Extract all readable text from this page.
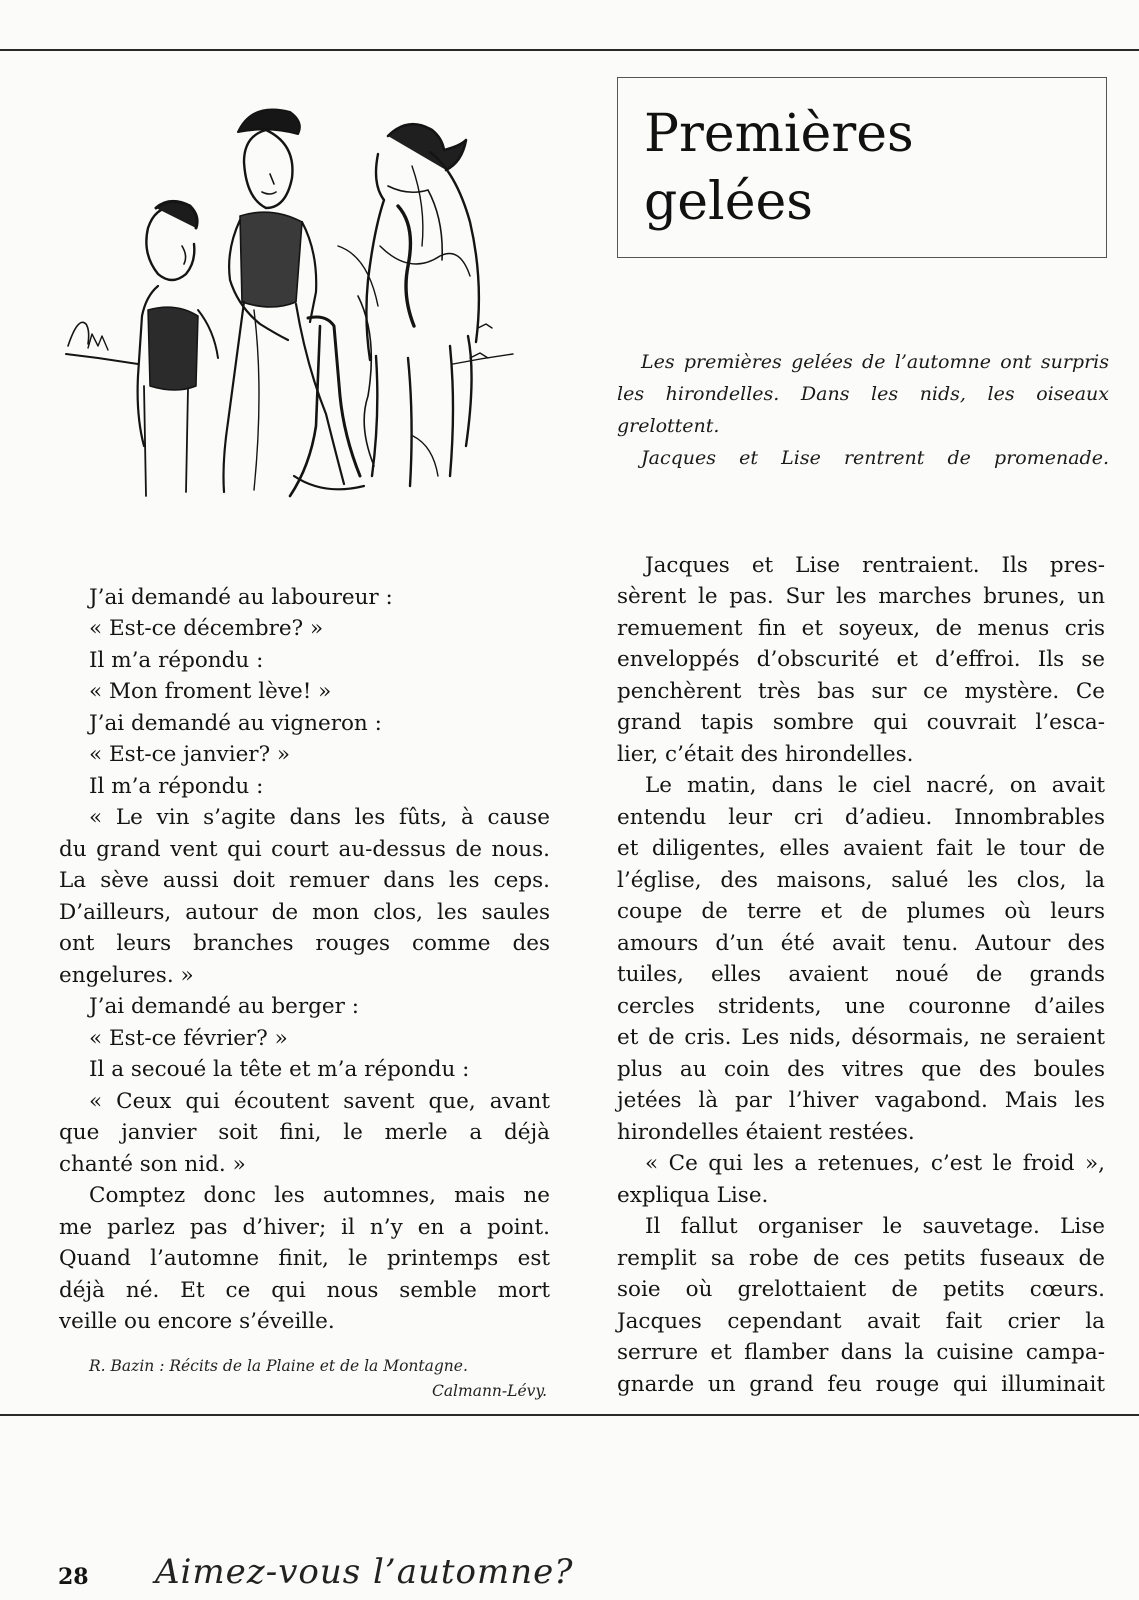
Premières
gelées

Les premières gelées de l’automne ont surpris les hirondelles. Dans les nids, les oiseaux grelottent.

Jacques et Lise rentrent de promenade.

J’ai demandé au laboureur :
« Est-ce décembre? »
Il m’a répondu :
« Mon froment lève! »
J’ai demandé au vigneron :
« Est-ce janvier? »
Il m’a répondu :
« Le vin s’agite dans les fûts, à cause
du grand vent qui court au-dessus de nous.
La sève aussi doit remuer dans les ceps.
D’ailleurs, autour de mon clos, les saules
ont leurs branches rouges comme des
engelures. »
J’ai demandé au berger :
« Est-ce février? »
Il a secoué la tête et m’a répondu :
« Ceux qui écoutent savent que, avant
que janvier soit fini, le merle a déjà
chanté son nid. »
Comptez donc les automnes, mais ne
me parlez pas d’hiver; il n’y en a point.
Quand l’automne finit, le printemps est
déjà né. Et ce qui nous semble mort
veille ou encore s’éveille.
R. Bazin : Récits de la Plaine et de la Montagne.
Calmann-Lévy.
Jacques et Lise rentraient. Ils pres-
sèrent le pas. Sur les marches brunes, un
remuement fin et soyeux, de menus cris
enveloppés d’obscurité et d’effroi. Ils se
penchèrent très bas sur ce mystère. Ce
grand tapis sombre qui couvrait l’esca-
lier, c’était des hirondelles.
Le matin, dans le ciel nacré, on avait
entendu leur cri d’adieu. Innombrables
et diligentes, elles avaient fait le tour de
l’église, des maisons, salué les clos, la
coupe de terre et de plumes où leurs
amours d’un été avait tenu. Autour des
tuiles, elles avaient noué de grands
cercles stridents, une couronne d’ailes
et de cris. Les nids, désormais, ne seraient
plus au coin des vitres que des boules
jetées là par l’hiver vagabond. Mais les
hirondelles étaient restées.
« Ce qui les a retenues, c’est le froid »,
expliqua Lise.
Il fallut organiser le sauvetage. Lise
remplit sa robe de ces petits fuseaux de
soie où grelottaient de petits cœurs.
Jacques cependant avait fait crier la
serrure et flamber dans la cuisine campa-
gnarde un grand feu rouge qui illuminait
28 Aimez-vous l’automne?
